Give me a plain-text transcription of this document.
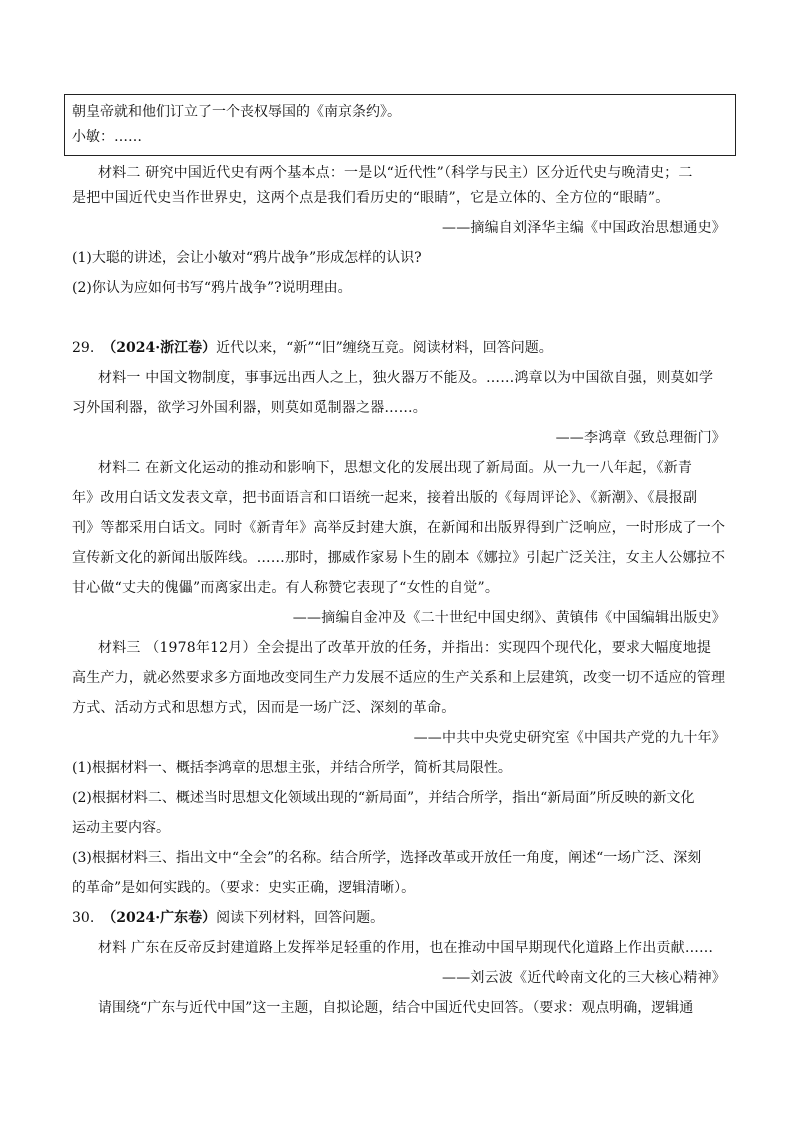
朝皇帝就和他们订立了一个丧权辱国的《南京条约》。
小敏：……
材料二 研究中国近代史有两个基本点：一是以“近代性”（科学与民主）区分近代史与晚清史；二
是把中国近代史当作世界史，这两个点是我们看历史的“眼睛”，它是立体的、全方位的“眼睛”。
——摘编自刘泽华主编《中国政治思想通史》
(1)大聪的讲述，会让小敏对“鸦片战争”形成怎样的认识?
(2)你认为应如何书写“鸦片战争”?说明理由。
29. （2024·浙江卷）近代以来，“新”“旧”缠绕互竞。阅读材料，回答问题。
材料一 中国文物制度，事事远出西人之上，独火器万不能及。……鸿章以为中国欲自强，则莫如学
习外国利器，欲学习外国利器，则莫如觅制器之器……。
——李鸿章《致总理衙门》
材料二 在新文化运动的推动和影响下，思想文化的发展出现了新局面。从一九一八年起，《新青
年》改用白话文发表文章，把书面语言和口语统一起来，接着出版的《每周评论》、《新潮》、《晨报副
刊》等都采用白话文。同时《新青年》高举反封建大旗，在新闻和出版界得到广泛响应，一时形成了一个
宣传新文化的新闻出版阵线。……那时，挪威作家易卜生的剧本《娜拉》引起广泛关注，女主人公娜拉不
甘心做“丈夫的傀儡”而离家出走。有人称赞它表现了“女性的自觉”。
——摘编自金冲及《二十世纪中国史纲》、黄镇伟《中国编辑出版史》
材料三 （1978年12月）全会提出了改革开放的任务，并指出：实现四个现代化，要求大幅度地提
高生产力，就必然要求多方面地改变同生产力发展不适应的生产关系和上层建筑，改变一切不适应的管理
方式、活动方式和思想方式，因而是一场广泛、深刻的革命。
——中共中央党史研究室《中国共产党的九十年》
(1)根据材料一、概括李鸿章的思想主张，并结合所学，简析其局限性。
(2)根据材料二、概述当时思想文化领域出现的“新局面”，并结合所学，指出“新局面”所反映的新文化
运动主要内容。
(3)根据材料三、指出文中“全会”的名称。结合所学，选择改革或开放任一角度，阐述“一场广泛、深刻
的革命”是如何实践的。（要求：史实正确，逻辑清晰）。
30. （2024·广东卷）阅读下列材料，回答问题。
材料 广东在反帝反封建道路上发挥举足轻重的作用，也在推动中国早期现代化道路上作出贡献……
——刘云波《近代岭南文化的三大核心精神》
请围绕“广东与近代中国”这一主题，自拟论题，结合中国近代史回答。（要求：观点明确，逻辑通
